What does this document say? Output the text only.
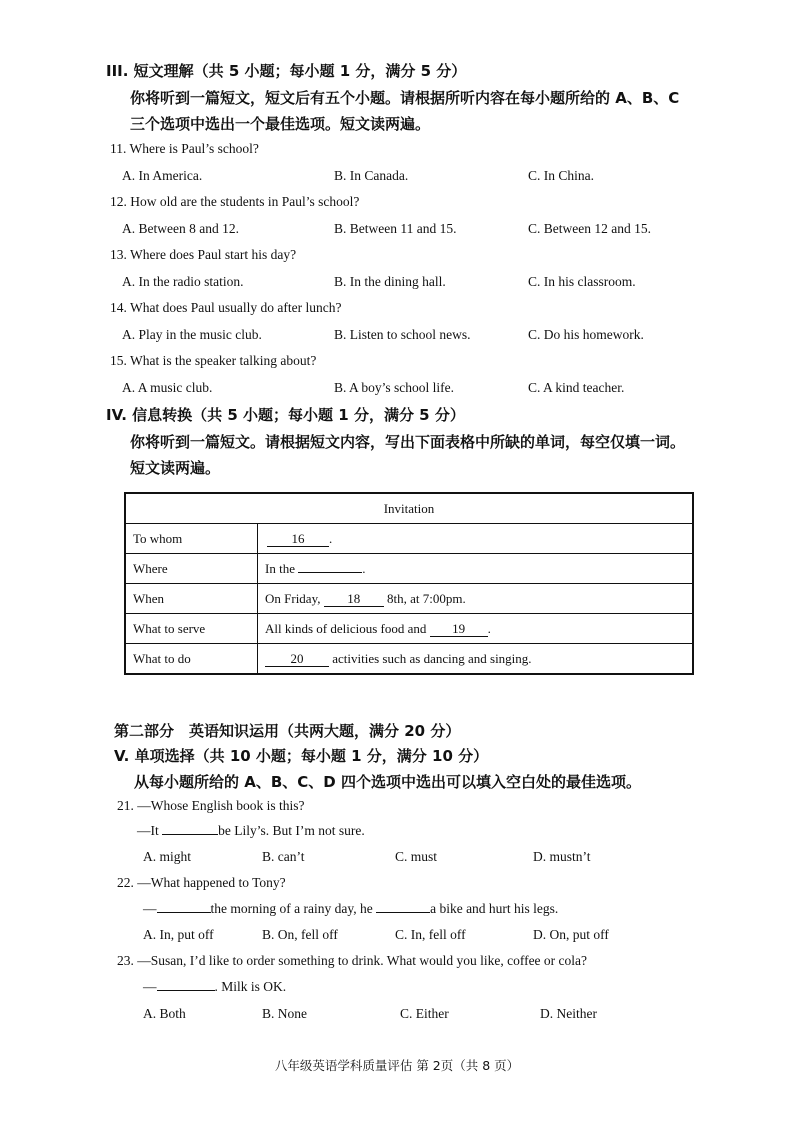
III. 短文理解（共 5 小题；每小题 1 分，满分 5 分）
你将听到一篇短文，短文后有五个小题。请根据所听内容在每小题所给的 A、B、C
三个选项中选出一个最佳选项。短文读两遍。
11. Where is Paul’s school?
A. In America.	B. In Canada.	C. In China.
12. How old are the students in Paul’s school?
A. Between 8 and 12.	B. Between 11 and 15.	C. Between 12 and 15.
13. Where does Paul start his day?
A. In the radio station.	B. In the dining hall.	C. In his classroom.
14. What does Paul usually do after lunch?
A. Play in the music club.	B. Listen to school news.	C. Do his homework.
15. What is the speaker talking about?
A. A music club.	B. A boy’s school life.	C. A kind teacher.
IV. 信息转换（共 5 小题；每小题 1 分，满分 5 分）
你将听到一篇短文。请根据短文内容，写出下面表格中所缺的单词，每空仅填一词。
短文读两遍。
Invitation	
To whom	16 .
Where	In the .
When	On Friday, 18 8th, at 7:00pm.
What to serve	All kinds of delicious food and 19 .
What to do	20 activities such as dancing and singing.
第二部分　英语知识运用（共两大题，满分 20 分）
V. 单项选择（共 10 小题；每小题 1 分，满分 10 分）
从每小题所给的 A、B、C、D 四个选项中选出可以填入空白处的最佳选项。
21. —Whose English book is this?
—It	be Lily’s. But I’m not sure.
A. might	B. can’t	C. must	D. mustn’t
22. —What happened to Tony?
—	the morning of a rainy day, he	a bike and hurt his legs.
A. In, put off	B. On, fell off	C. In, fell off	D. On, put off
23. —Susan, I’d like to order something to drink. What would you like, coffee or cola?
—	. Milk is OK.
A. Both	B. None	C. Either	D. Neither
八年级英语学科质量评估 第 2页（共 8 页）
